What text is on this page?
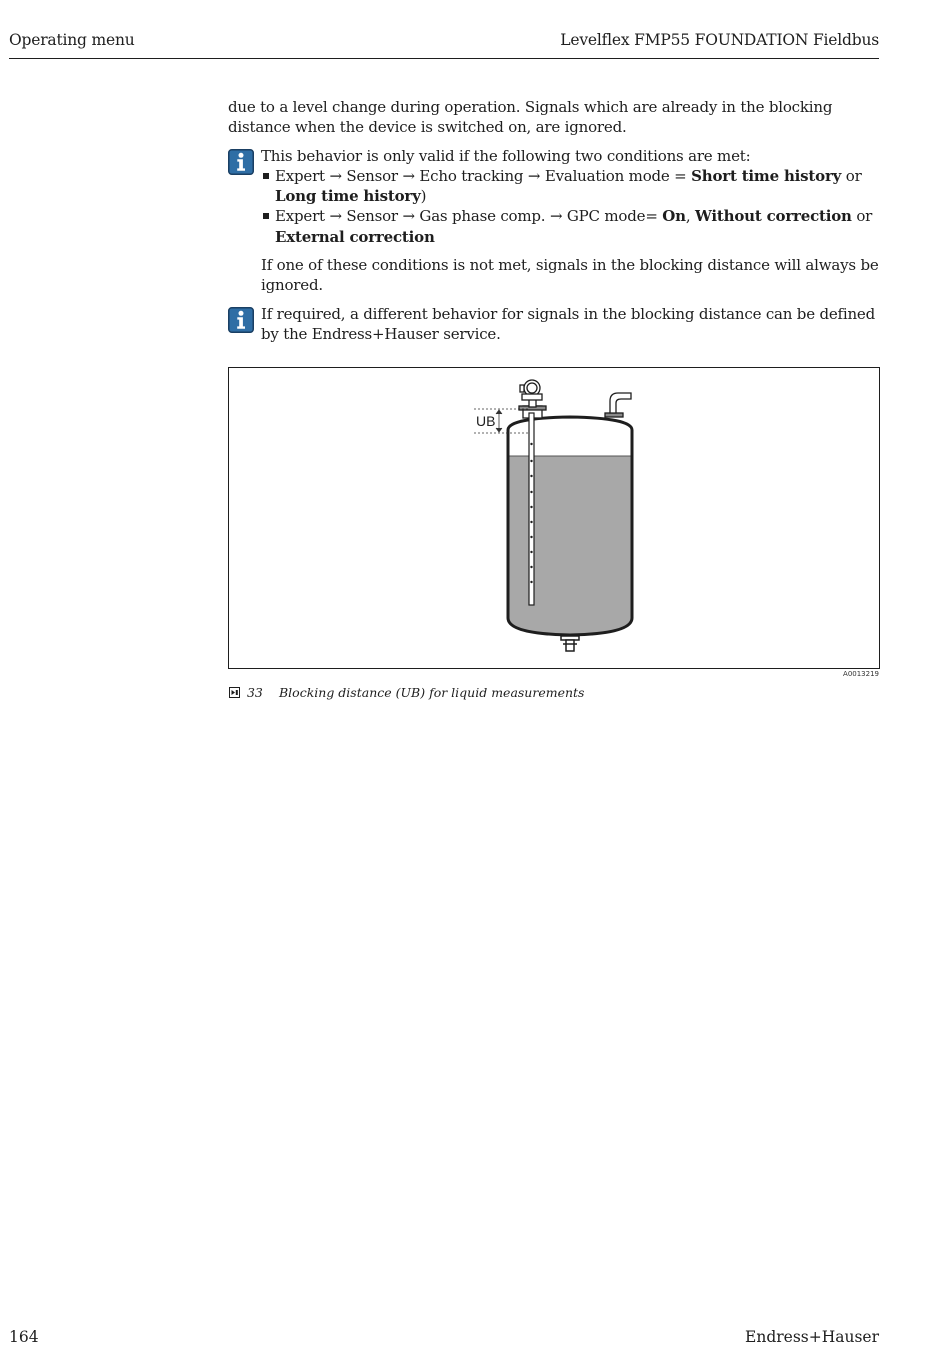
Operating menu	Levelflex FMP55 FOUNDATION Fieldbus

due to a level change during operation. Signals which are already in the blocking distance when the device is switched on, are ignored.

This behavior is only valid if the following two conditions are met:

Expert → Sensor → Echo tracking → Evaluation mode = Short time history or Long time history)
Expert → Sensor → Gas phase comp. → GPC mode= On, Without correction or External correction

If one of these conditions is not met, signals in the blocking distance will always be ignored.

If required, a different behavior for signals in the blocking distance can be defined by the Endress+Hauser service.

UB
A0013219
33 Blocking distance (UB) for liquid measurements
164	Endress+Hauser
